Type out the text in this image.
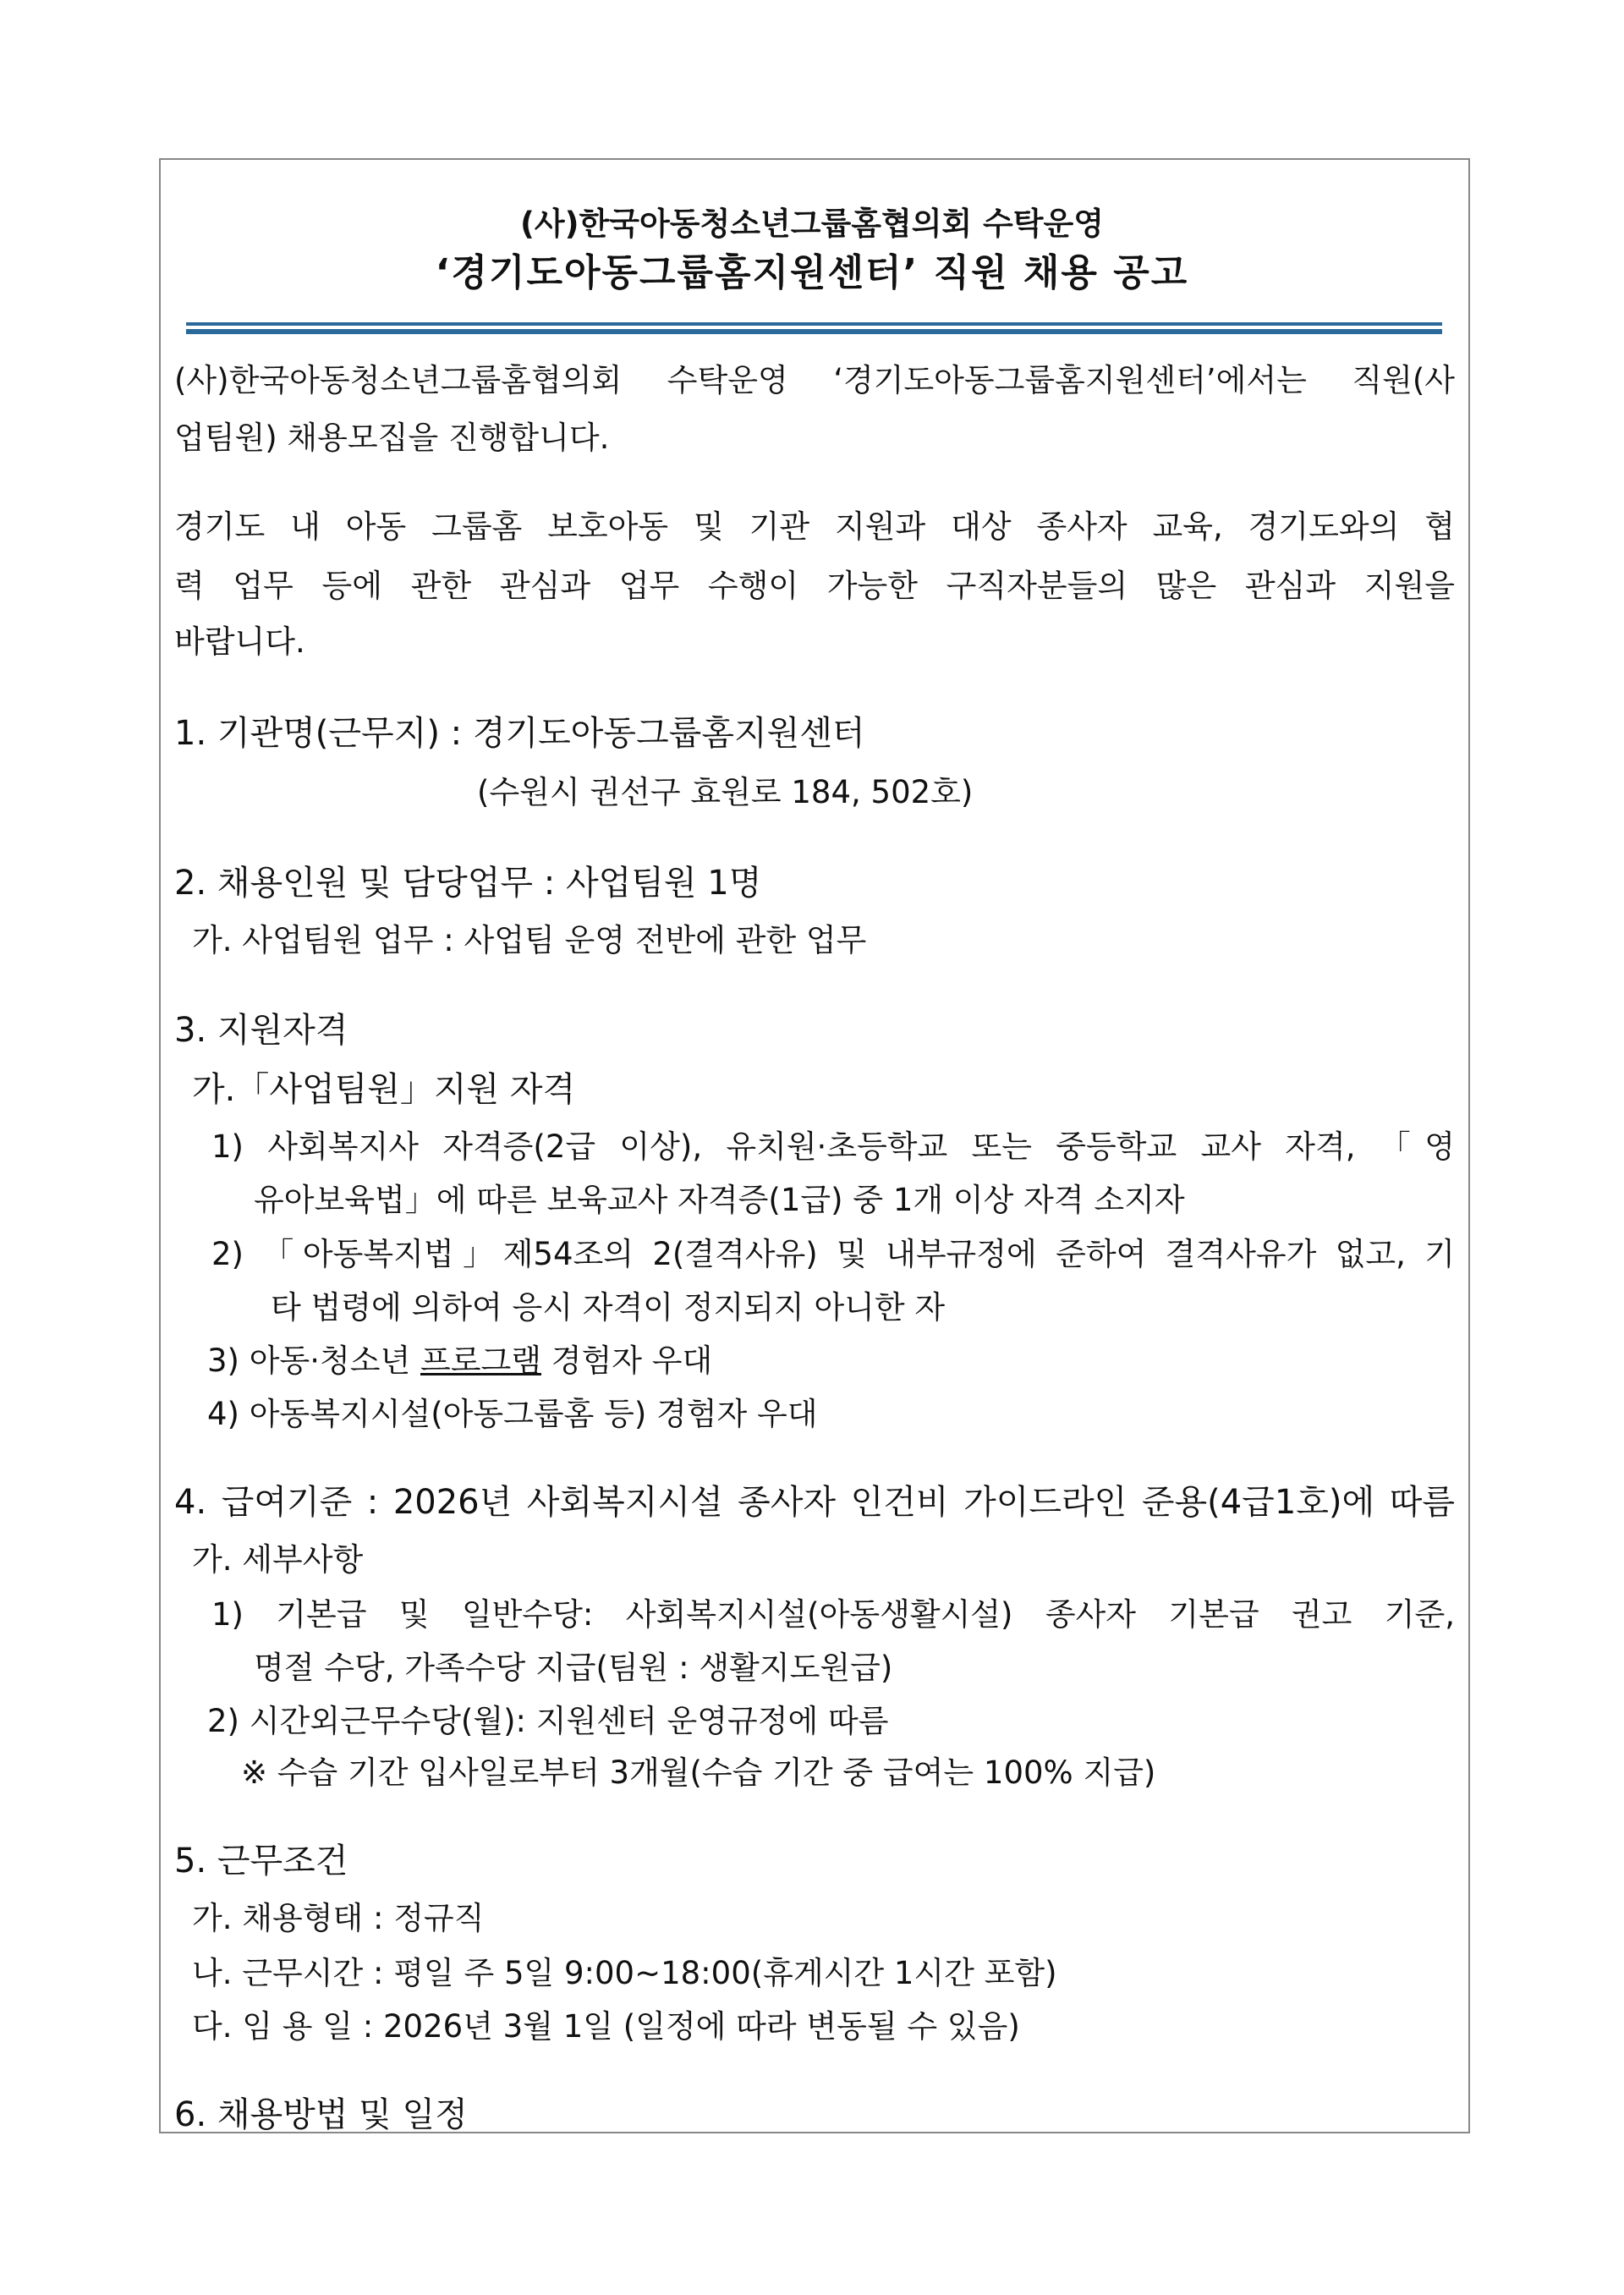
(사)한국아동청소년그룹홈협의회 수탁운영
‘경기도아동그룹홈지원센터’ 직원 채용 공고
(사)한국아동청소년그룹홈협의회 수탁운영 ‘경기도아동그룹홈지원센터’에서는 직원(사
업팀원) 채용모집을 진행합니다.
경기도 내 아동 그룹홈 보호아동 및 기관 지원과 대상 종사자 교육, 경기도와의 협
력 업무 등에 관한 관심과 업무 수행이 가능한 구직자분들의 많은 관심과 지원을
바랍니다.
1. 기관명(근무지) : 경기도아동그룹홈지원센터
(수원시 권선구 효원로 184, 502호)
2. 채용인원 및 담당업무 : 사업팀원 1명
가. 사업팀원 업무 : 사업팀 운영 전반에 관한 업무
3. 지원자격
가.「사업팀원」지원 자격
1) 사회복지사 자격증(2급 이상), 유치원·초등학교 또는 중등학교 교사 자격, 「영
유아보육법」에 따른 보육교사 자격증(1급) 중 1개 이상 자격 소지자
2) 「아동복지법」제54조의 2(결격사유) 및 내부규정에 준하여 결격사유가 없고, 기
타 법령에 의하여 응시 자격이 정지되지 아니한 자
3) 아동·청소년 프로그램 경험자 우대
4) 아동복지시설(아동그룹홈 등) 경험자 우대
4. 급여기준 : 2026년 사회복지시설 종사자 인건비 가이드라인 준용(4급1호)에 따름
가. 세부사항
1) 기본급 및 일반수당: 사회복지시설(아동생활시설) 종사자 기본급 권고 기준,
명절 수당, 가족수당 지급(팀원 : 생활지도원급)
2) 시간외근무수당(월): 지원센터 운영규정에 따름
※ 수습 기간 입사일로부터 3개월(수습 기간 중 급여는 100% 지급)
5. 근무조건
가. 채용형태 : 정규직
나. 근무시간 : 평일 주 5일 9:00~18:00(휴게시간 1시간 포함)
다. 임 용 일 : 2026년 3월 1일 (일정에 따라 변동될 수 있음)
6. 채용방법 및 일정
